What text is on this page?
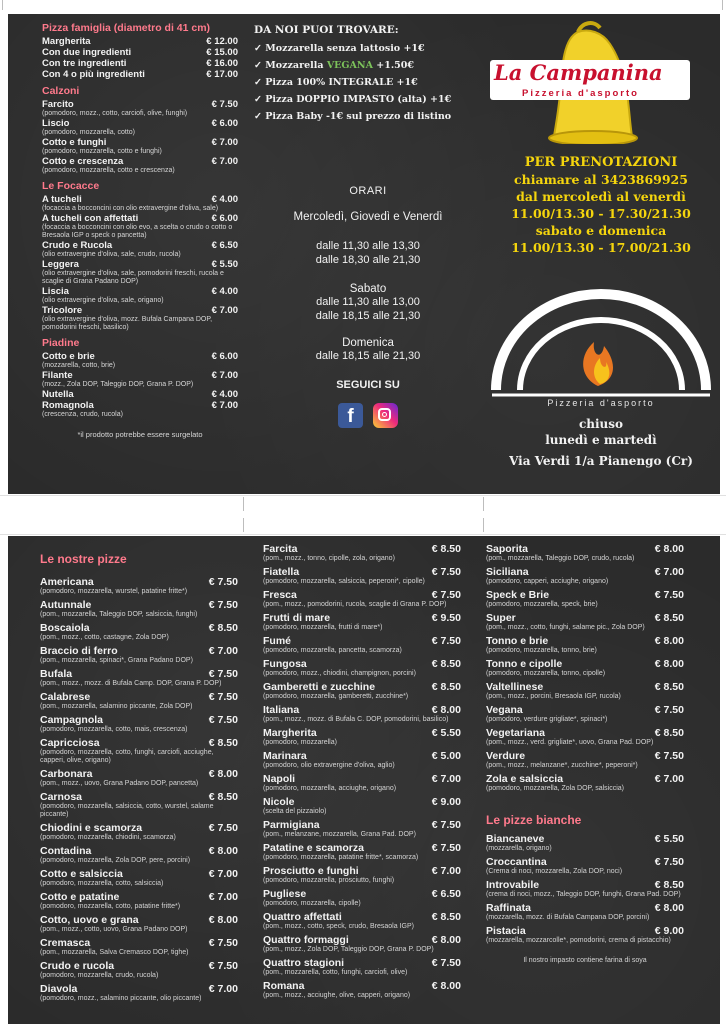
Pizza famiglia (diametro di 41 cm)
Margherita	€ 12.00
Con due ingredienti	€ 15.00
Con tre ingredienti	€ 16.00
Con 4 o più ingredienti	€ 17.00
Calzoni
Farcito	€ 7.50
(pomodoro, mozz., cotto, carciofi, olive, funghi)
Liscio	€ 6.00
(pomodoro, mozzarella, cotto)
Cotto e funghi	€ 7.00
(pomodoro, mozzarella, cotto e funghi)
Cotto e crescenza	€ 7.00
(pomodoro, mozzarella, cotto e crescenza)
Le Focacce
A tucheli	€ 4.00
(focaccia a bocconcini con olio extravergine d'oliva, sale)
A tucheli con affettati	€ 6.00
(focaccia a bocconcini con olio evo, a scelta o crudo o cotto o Bresaola IGP o speck o pancetta)
Crudo e Rucola	€ 6.50
(olio extravergine d'oliva, sale, crudo, rucola)
Leggera	€ 5.50
(olio extravergine d'oliva, sale, pomodorini freschi, rucola e scaglie di Grana Padano DOP)
Liscia	€ 4.00
(olio extravergine d'oliva, sale, origano)
Tricolore	€ 7.00
(olio extravergine d'oliva, mozz. Bufala Campana DOP, pomodorini freschi, basilico)
Piadine
Cotto e brie	€ 6.00
(mozzarella, cotto, brie)
Filante	€ 7.00
(mozz., Zola DOP, Taleggio DOP, Grana P. DOP)
Nutella	€ 4.00
Romagnola	€ 7.00
(crescenza, crudo, rucola)
*il prodotto potrebbe essere surgelato
DA NOI PUOI TROVARE:
✓ Mozzarella senza lattosio +1€
✓ Mozzarella VEGANA +1.50€
✓ Pizza 100% INTEGRALE +1€
✓ Pizza DOPPIO IMPASTO (alta) +1€
✓ Pizza Baby -1€ sul prezzo di listino
ORARI
Mercoledì, Giovedì e Venerdì
dalle 11,30 alle 13,30
dalle 18,30 alle 21,30
Sabato
dalle 11,30 alle 13,00
dalle 18,15 alle 21,30
Domenica
dalle 18,15 alle 21,30
SEGUICI SU
f
La Campanina
Pizzeria d'asporto
PER PRENOTAZIONI
chiamare al 3423869925
dal mercoledì al venerdì
11.00/13.30 - 17.30/21.30
sabato e domenica
11.00/13.30 - 17.00/21.30
Pizzeria d'asporto
chiuso
lunedì e martedì
Via Verdi 1/a Pianengo (Cr)
Le nostre pizze
Americana	€ 7.50
(pomodoro, mozzarella, wurstel, patatine fritte*)
Autunnale	€ 7.50
(pom., mozzarella, Taleggio DOP, salsiccia, funghi)
Boscaiola	€ 8.50
(pom., mozz., cotto, castagne, Zola DOP)
Braccio di ferro	€ 7.00
(pom., mozzarella, spinaci*, Grana Padano DOP)
Bufala	€ 7.50
(pom., mozz., mozz. di Bufala Camp. DOP, Grana P. DOP)
Calabrese	€ 7.50
(pom., mozzarella, salamino piccante, Zola DOP)
Campagnola	€ 7.50
(pomodoro, mozzarella, cotto, mais, crescenza)
Capricciosa	€ 8.50
(pomodoro, mozzarella, cotto, funghi, carciofi, acciughe, capperi, olive, origano)
Carbonara	€ 8.00
(pom., mozz., uovo, Grana Padano DOP, pancetta)
Carnosa	€ 8.50
(pomodoro, mozzarella, salsiccia, cotto, wurstel, salame piccante)
Chiodini e scamorza	€ 7.50
(pomodoro, mozzarella, chiodini, scamorza)
Contadina	€ 8.00
(pomodoro, mozzarella, Zola DOP, pere, porcini)
Cotto e salsiccia	€ 7.00
(pomodoro, mozzarella, cotto, salsiccia)
Cotto e patatine	€ 7.00
(pomodoro, mozzarella, cotto, patatine fritte*)
Cotto, uovo e grana	€ 8.00
(pom., mozz., cotto, uovo, Grana Padano DOP)
Cremasca	€ 7.50
(pom., mozzarella, Salva Cremasco DOP, tighe)
Crudo e rucola	€ 7.50
(pomodoro, mozzarella, crudo, rucola)
Diavola	€ 7.00
(pomodoro, mozz., salamino piccante, olio piccante)
Farcita	€ 8.50
(pom., mozz., tonno, cipolle, zola, origano)
Fiatella	€ 7.50
(pomodoro, mozzarella, salsiccia, peperoni*, cipolle)
Fresca	€ 7.50
(pom., mozz., pomodorini, rucola, scaglie di Grana P. DOP)
Frutti di mare	€ 9.50
(pomodoro, mozzarella, frutti di mare*)
Fumé	€ 7.50
(pomodoro, mozzarella, pancetta, scamorza)
Fungosa	€ 8.50
(pomodoro, mozz., chiodini, champignon, porcini)
Gamberetti e zucchine	€ 8.50
(pomodoro, mozzarella, gamberetti, zucchine*)
Italiana	€ 8.00
(pom., mozz., mozz. di Bufala C. DOP, pomodorini, basilico)
Margherita	€ 5.50
(pomodoro, mozzarella)
Marinara	€ 5.00
(pomodoro, olio extravergine d'oliva, aglio)
Napoli	€ 7.00
(pomodoro, mozzarella, acciughe, origano)
Nicole	€ 9.00
(scelta del pizzaiolo)
Parmigiana	€ 7.50
(pom., melanzane, mozzarella, Grana Pad. DOP)
Patatine e scamorza	€ 7.50
(pomodoro, mozzarella, patatine fritte*, scamorza)
Prosciutto e funghi	€ 7.00
(pomodoro, mozzarella, prosciutto, funghi)
Pugliese	€ 6.50
(pomodoro, mozzarella, cipolle)
Quattro affettati	€ 8.50
(pom., mozz., cotto, speck, crudo, Bresaola IGP)
Quattro formaggi	€ 8.00
(pom., mozz., Zola DOP, Taleggio DOP, Grana P. DOP)
Quattro stagioni	€ 7.50
(pom., mozzarella, cotto, funghi, carciofi, olive)
Romana	€ 8.00
(pom., mozz., acciughe, olive, capperi, origano)
Saporita	€ 8.00
(pom., mozzarella, Taleggio DOP, crudo, rucola)
Siciliana	€ 7.00
(pomodoro, capperi, acciughe, origano)
Speck e Brie	€ 7.50
(pomodoro, mozzarella, speck, brie)
Super	€ 8.50
(pom., mozz., cotto, funghi, salame pic., Zola DOP)
Tonno e brie	€ 8.00
(pomodoro, mozzarella, tonno, brie)
Tonno e cipolle	€ 8.00
(pomodoro, mozzarella, tonno, cipolle)
Valtellinese	€ 8.50
(pom., mozz., porcini, Bresaola IGP, rucola)
Vegana	€ 7.50
(pomodoro, verdure grigliate*, spinaci*)
Vegetariana	€ 8.50
(pom., mozz., verd. grigliate*, uovo, Grana Pad. DOP)
Verdure	€ 7.50
(pom., mozz., melanzane*, zucchine*, peperoni*)
Zola e salsiccia	€ 7.00
(pomodoro, mozzarella, Zola DOP, salsiccia)
Le pizze bianche
Biancaneve	€ 5.50
(mozzarella, origano)
Croccantina	€ 7.50
(Crema di noci, mozzarella, Zola DOP, noci)
Introvabile	€ 8.50
(crema di noci, mozz., Taleggio DOP, funghi, Grana Pad. DOP)
Raffinata	€ 8.00
(mozzarella, mozz. di Bufala Campana DOP, porcini)
Pistacia	€ 9.00
(mozzarella, mozzarcolle*, pomodorini, crema di pistacchio)
Il nostro impasto contiene farina di soya
